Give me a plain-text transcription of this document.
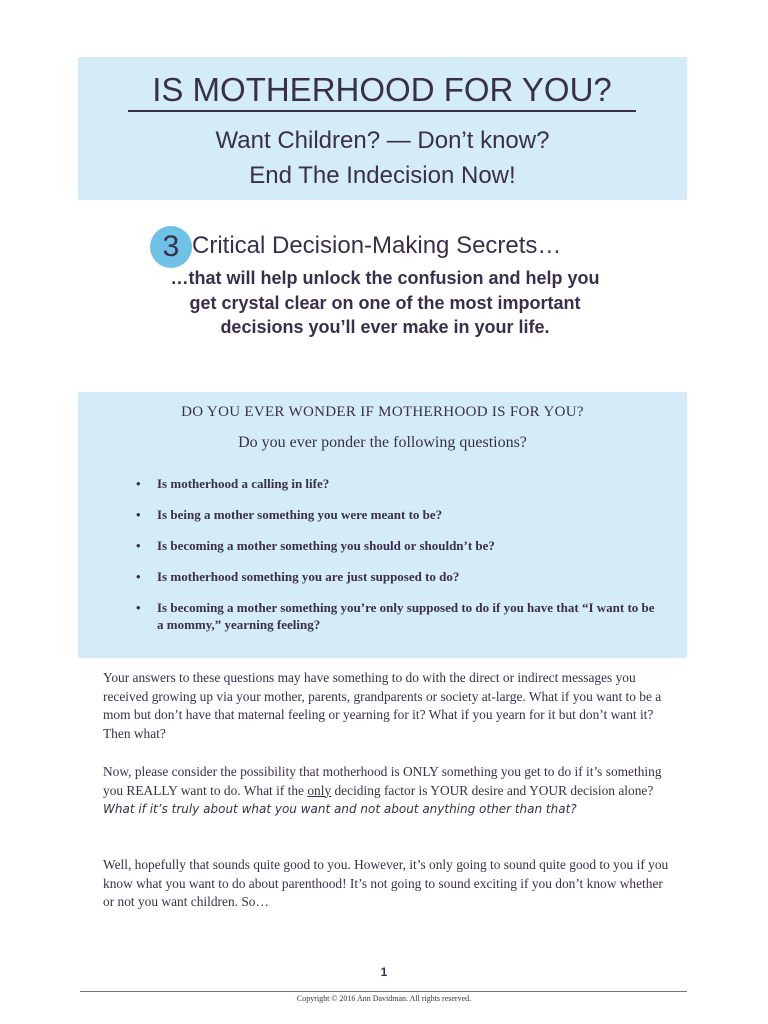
IS MOTHERHOOD FOR YOU?

Want Children? — Don’t know?

End The Indecision Now!

3 Critical Decision-Making Secrets…

…that will help unlock the confusion and help you get crystal clear on one of the most important decisions you’ll ever make in your life.

DO YOU EVER WONDER IF MOTHERHOOD IS FOR YOU?

Do you ever ponder the following questions?

• Is motherhood a calling in life?
• Is being a mother something you were meant to be?
• Is becoming a mother something you should or shouldn’t be?
• Is motherhood something you are just supposed to do?
• Is becoming a mother something you’re only supposed to do if you have that “I want to be a mommy,” yearning feeling?

Your answers to these questions may have something to do with the direct or indirect messages you received growing up via your mother, parents, grandparents or society at-large. What if you want to be a mom but don’t have that maternal feeling or yearning for it? What if you yearn for it but don’t want it? Then what?

Now, please consider the possibility that motherhood is ONLY something you get to do if it’s something you REALLY want to do. What if the only deciding factor is YOUR desire and YOUR decision alone? What if it’s truly about what you want and not about anything other than that?

Well, hopefully that sounds quite good to you. However, it’s only going to sound quite good to you if you know what you want to do about parenthood! It’s not going to sound exciting if you don’t know whether or not you want children. So…

1
Copyright © 2016 Ann Davidman. All rights reserved.
